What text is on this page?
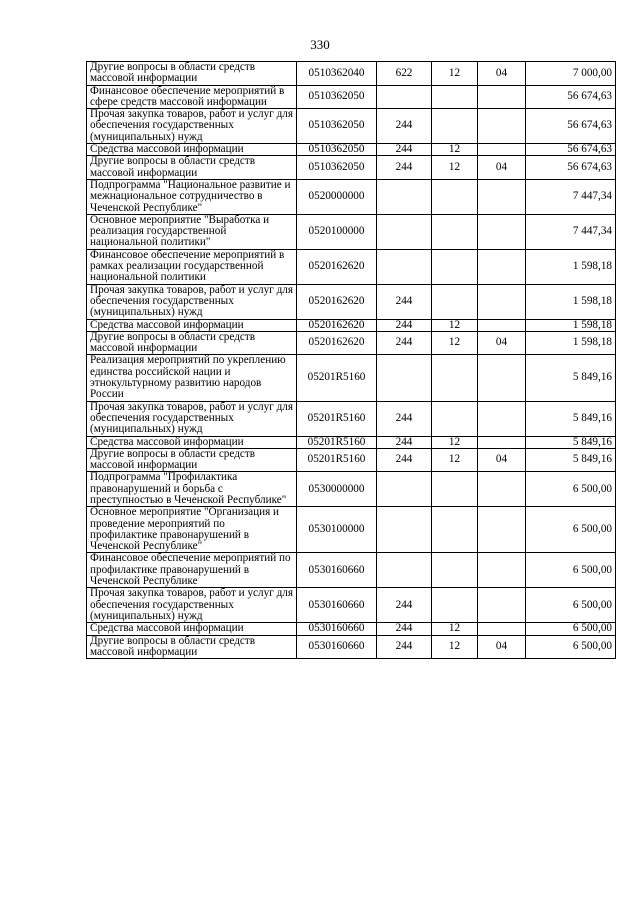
330
Другие вопросы в области средств массовой информации	0510362040	622	12	04	7 000,00
Финансовое обеспечение мероприятий в сфере средств массовой информации	0510362050				56 674,63
Прочая закупка товаров, работ и услуг для обеспечения государственных (муниципальных) нужд	0510362050	244			56 674,63
Средства массовой информации	0510362050	244	12		56 674,63
Другие вопросы в области средств массовой информации	0510362050	244	12	04	56 674,63
Подпрограмма "Национальное развитие и межнациональное сотрудничество в Чеченской Республике"	0520000000				7 447,34
Основное мероприятие "Выработка и реализация государственной национальной политики"	0520100000				7 447,34
Финансовое обеспечение мероприятий в рамках реализации государственной национальной политики	0520162620				1 598,18
Прочая закупка товаров, работ и услуг для обеспечения государственных (муниципальных) нужд	0520162620	244			1 598,18
Средства массовой информации	0520162620	244	12		1 598,18
Другие вопросы в области средств массовой информации	0520162620	244	12	04	1 598,18
Реализация мероприятий по укреплению единства российской нации и этнокультурному развитию народов России	05201R5160				5 849,16
Прочая закупка товаров, работ и услуг для обеспечения государственных (муниципальных) нужд	05201R5160	244			5 849,16
Средства массовой информации	05201R5160	244	12		5 849,16
Другие вопросы в области средств массовой информации	05201R5160	244	12	04	5 849,16
Подпрограмма "Профилактика правонарушений и борьба с преступностью в Чеченской Республике"	0530000000				6 500,00
Основное мероприятие "Организация и проведение мероприятий по профилактике правонарушений в Чеченской Республике"	0530100000				6 500,00
Финансовое обеспечение мероприятий по профилактике правонарушений в Чеченской Республике	0530160660				6 500,00
Прочая закупка товаров, работ и услуг для обеспечения государственных (муниципальных) нужд	0530160660	244			6 500,00
Средства массовой информации	0530160660	244	12		6 500,00
Другие вопросы в области средств массовой информации	0530160660	244	12	04	6 500,00
